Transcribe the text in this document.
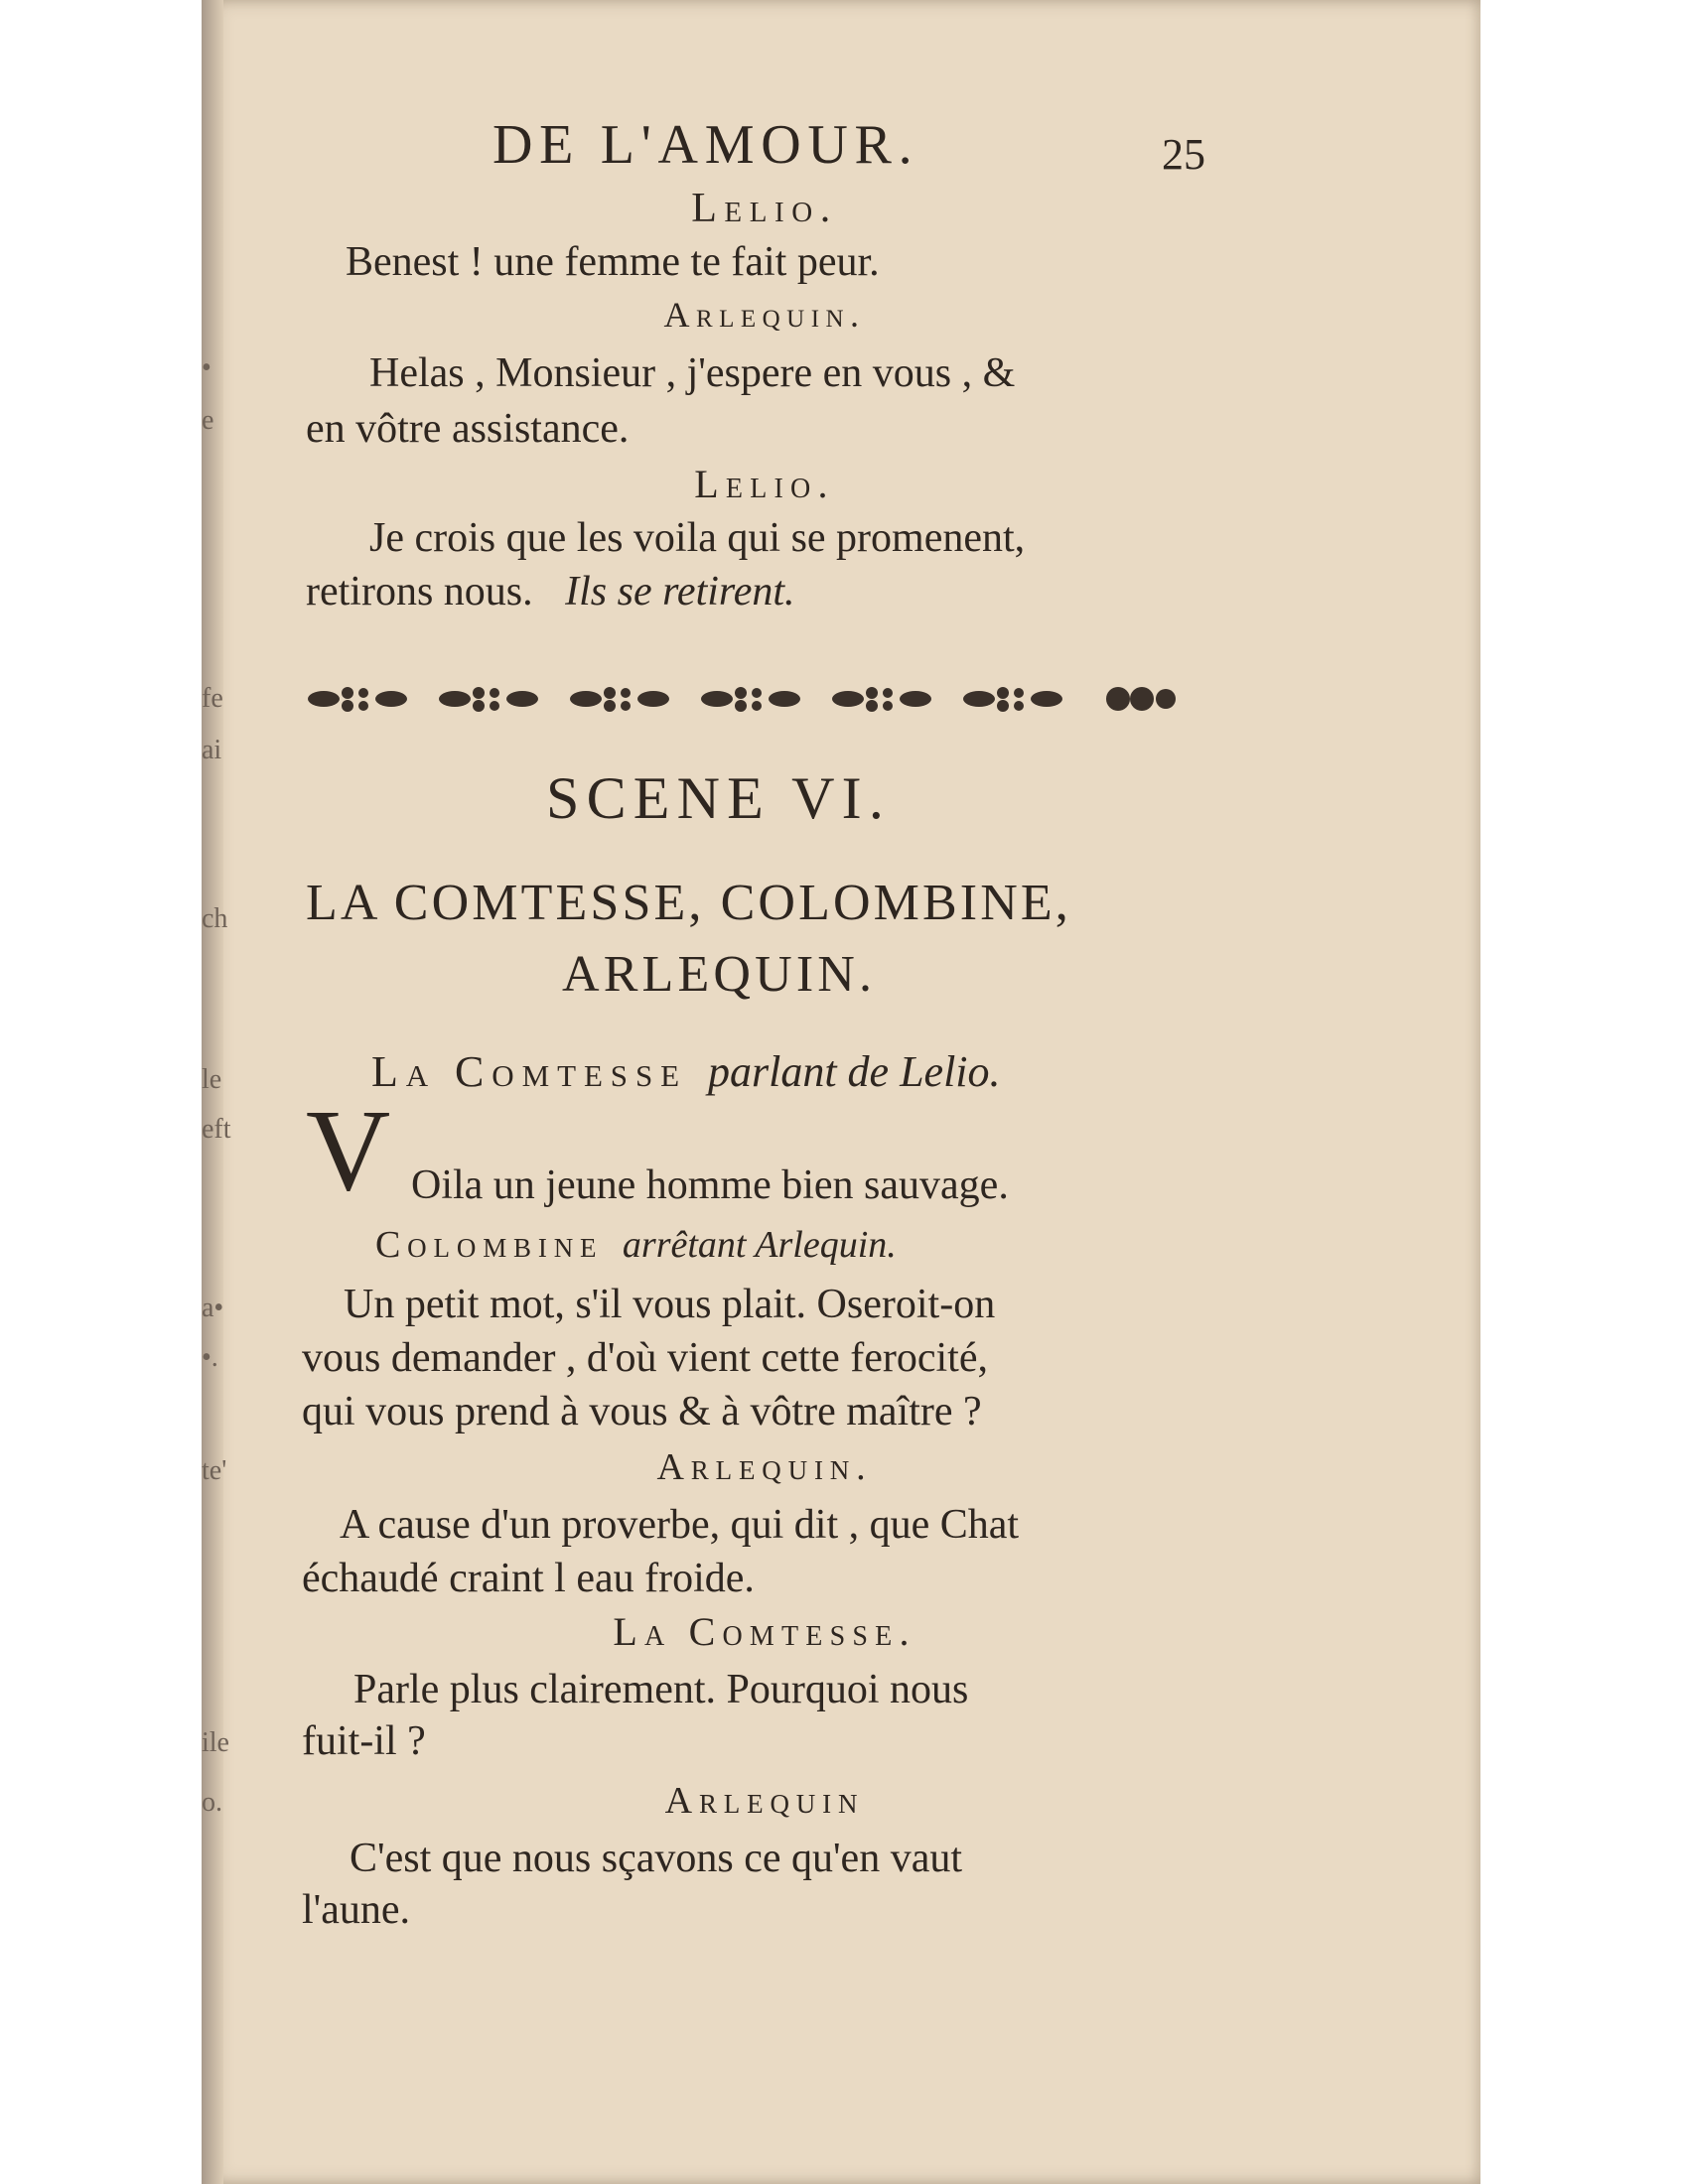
•
e
fe
ai
ch
le
eft
a•
•.
te'
ile
o.
DE L'AMOUR.	25
Lelio.
Benest ! une femme te fait peur.
Arlequin.
Helas , Monsieur , j'espere en vous , &
en vôtre assistance.
Lelio.
Je crois que les voila qui se promenent,
retirons nous. Ils se retirent.
SCENE VI.
LA COMTESSE, COLOMBINE,
ARLEQUIN.
La Comtesse parlant de Lelio.
V Oila un jeune homme bien sauvage.
Colombine arrêtant Arlequin.
Un petit mot, s'il vous plait. Oseroit-on
vous demander , d'où vient cette ferocité,
qui vous prend à vous & à vôtre maître ?
Arlequin.
A cause d'un proverbe, qui dit , que Chat
échaudé craint l eau froide.
La Comtesse.
Parle plus clairement. Pourquoi nous
fuit-il ?
Arlequin
C'est que nous sçavons ce qu'en vaut
l'aune.
